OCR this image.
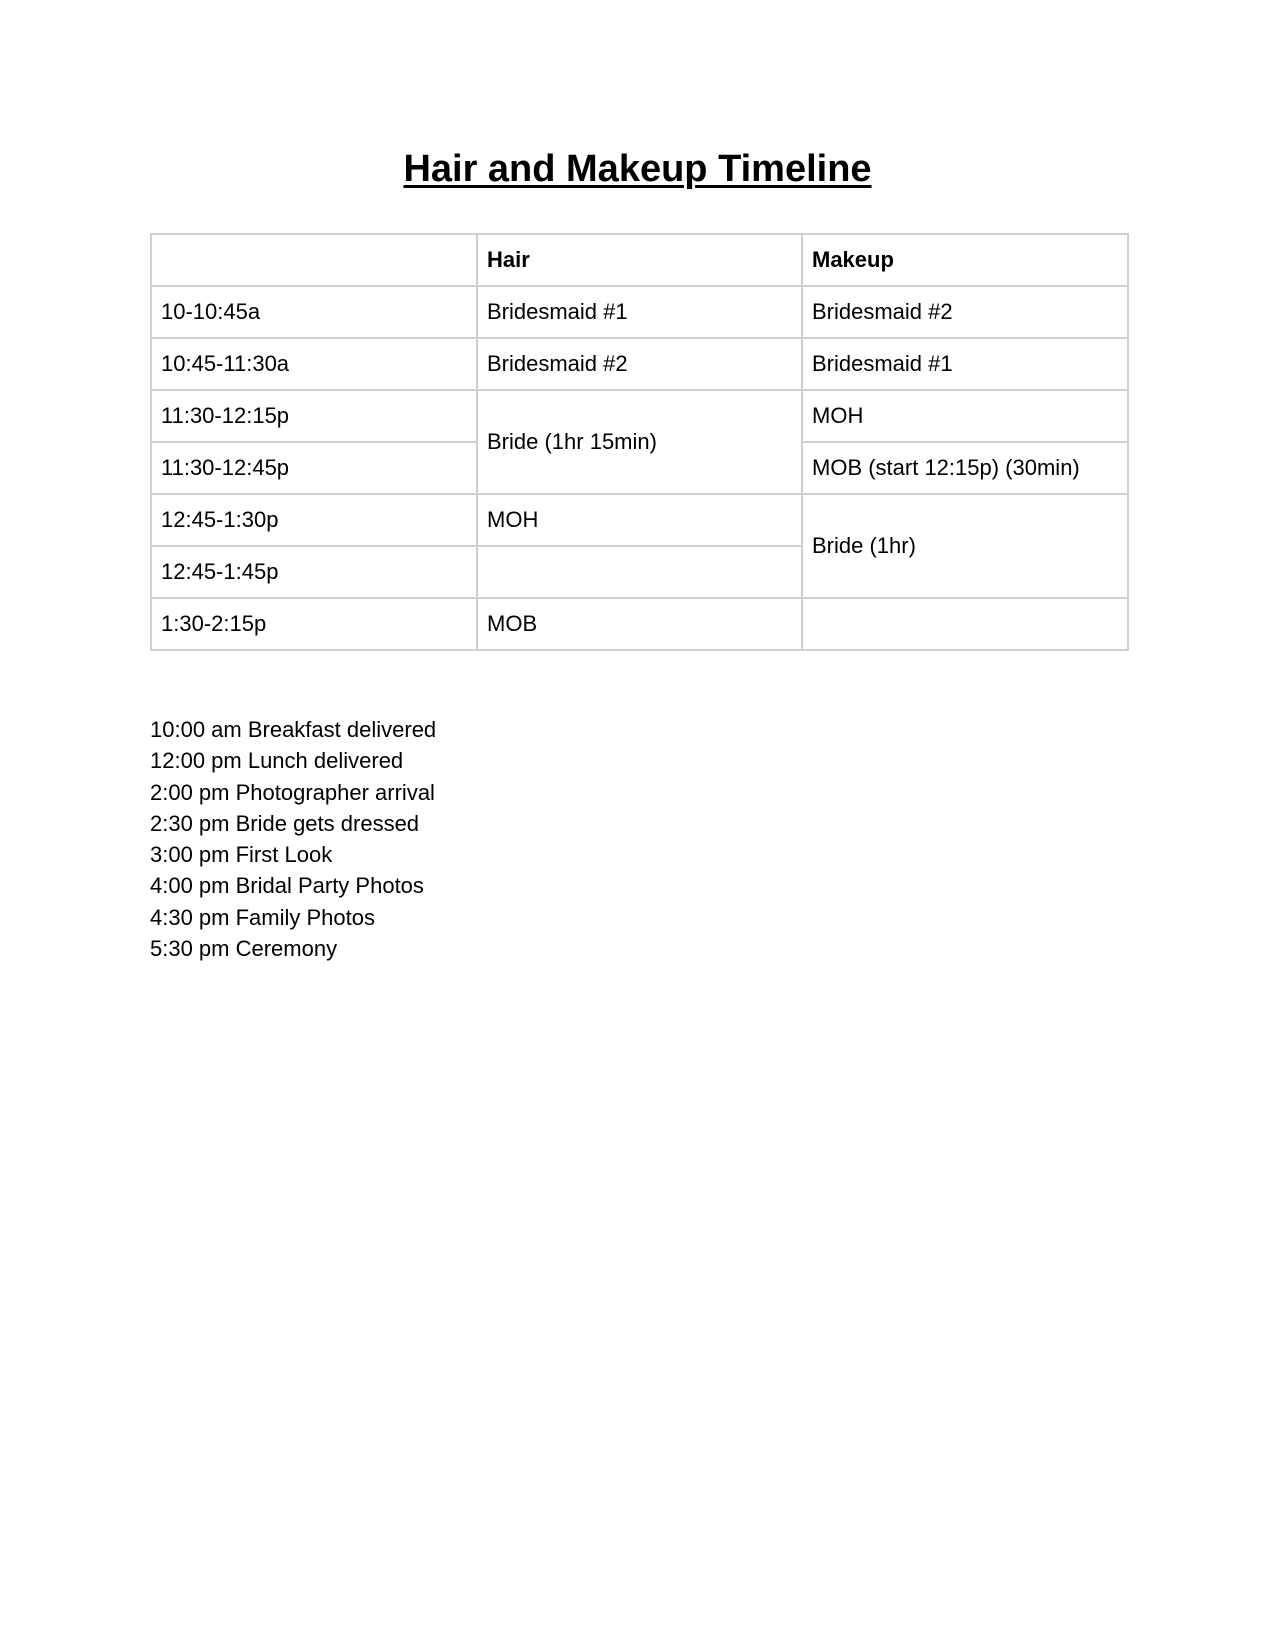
Hair and Makeup Timeline
	Hair	Makeup
10-10:45a	Bridesmaid #1	Bridesmaid #2
10:45-11:30a	Bridesmaid #2	Bridesmaid #1
11:30-12:15p	Bride (1hr 15min)	MOH
11:30-12:45p		MOB (start 12:15p) (30min)
12:45-1:30p	MOH	Bride (1hr)
12:45-1:45p		
1:30-2:15p	MOB	
10:00 am Breakfast delivered
12:00 pm Lunch delivered
2:00 pm Photographer arrival
2:30 pm Bride gets dressed
3:00 pm First Look
4:00 pm Bridal Party Photos
4:30 pm Family Photos
5:30 pm Ceremony
